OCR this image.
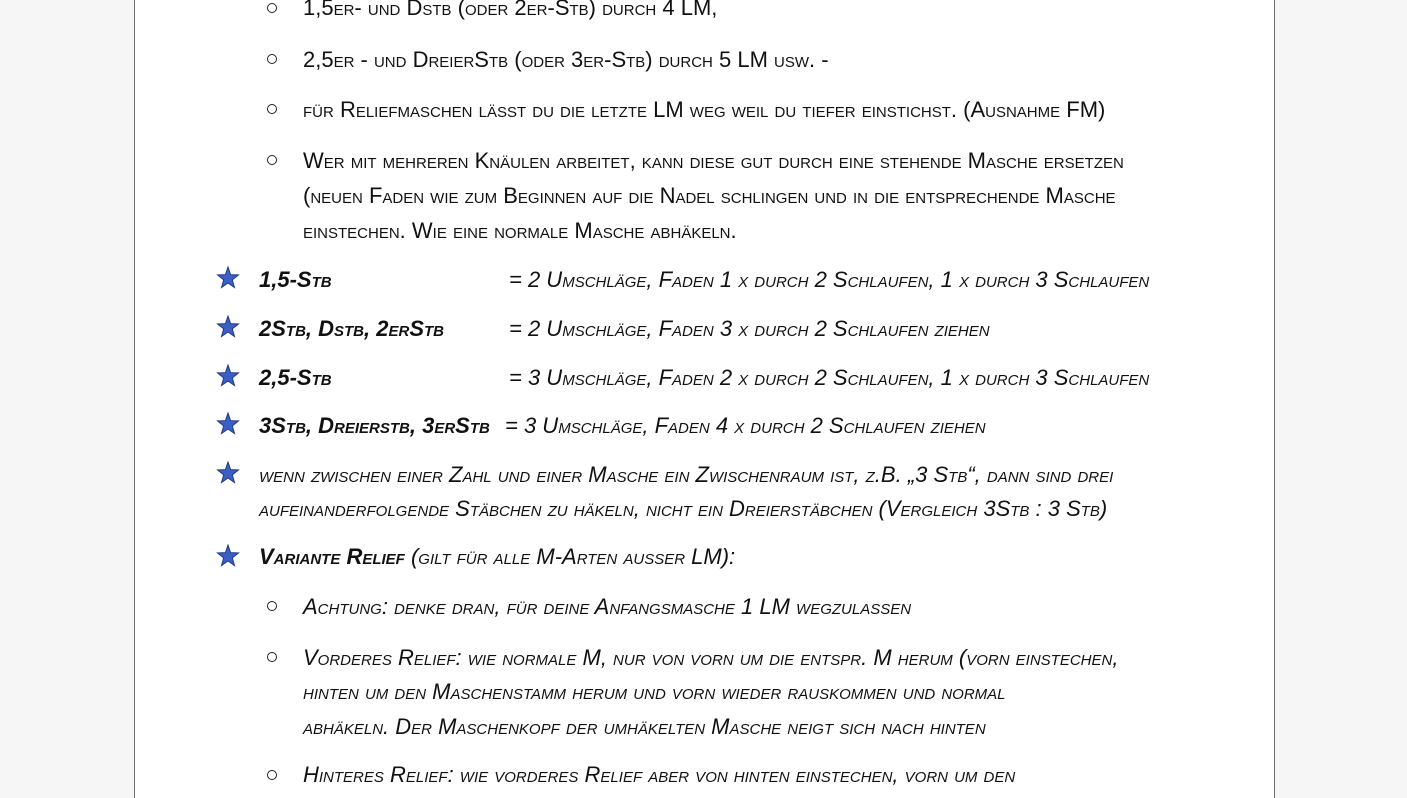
1,5er- und Dstb (oder 2er-Stb) durch 4 LM,
2,5er - und DreierStb (oder 3er-Stb) durch 5 LM usw. -
für Reliefmaschen lässt du die letzte LM weg weil du tiefer einstichst. (Ausnahme FM)
Wer mit mehreren Knäulen arbeitet, kann diese gut durch eine stehende Masche ersetzen
(neuen Faden wie zum Beginnen auf die Nadel schlingen und in die entsprechende Masche
einstechen. Wie eine normale Masche abhäkeln.
1,5-Stb	= 2 Umschläge, Faden 1 x durch 2 Schlaufen, 1 x durch 3 Schlaufen
2Stb, Dstb, 2erStb	= 2 Umschläge, Faden 3 x durch 2 Schlaufen ziehen
2,5-Stb	= 3 Umschläge, Faden 2 x durch 2 Schlaufen, 1 x durch 3 Schlaufen
3Stb, Dreierstb, 3erStb = 3 Umschläge, Faden 4 x durch 2 Schlaufen ziehen
wenn zwischen einer Zahl und einer Masche ein Zwischenraum ist, z.B. „3 Stb“, dann sind drei
aufeinanderfolgende Stäbchen zu häkeln, nicht ein Dreierstäbchen (Vergleich 3Stb : 3 Stb)
Variante Relief (gilt für alle M-Arten ausser LM):
Achtung: denke dran, für deine Anfangsmasche 1 LM wegzulassen
Vorderes Relief: wie normale M, nur von vorn um die entspr. M herum (vorn einstechen,
hinten um den Maschenstamm herum und vorn wieder rauskommen und normal
abhäkeln. Der Maschenkopf der umhäkelten Masche neigt sich nach hinten
Hinteres Relief: wie vorderes Relief aber von hinten einstechen, vorn um den
